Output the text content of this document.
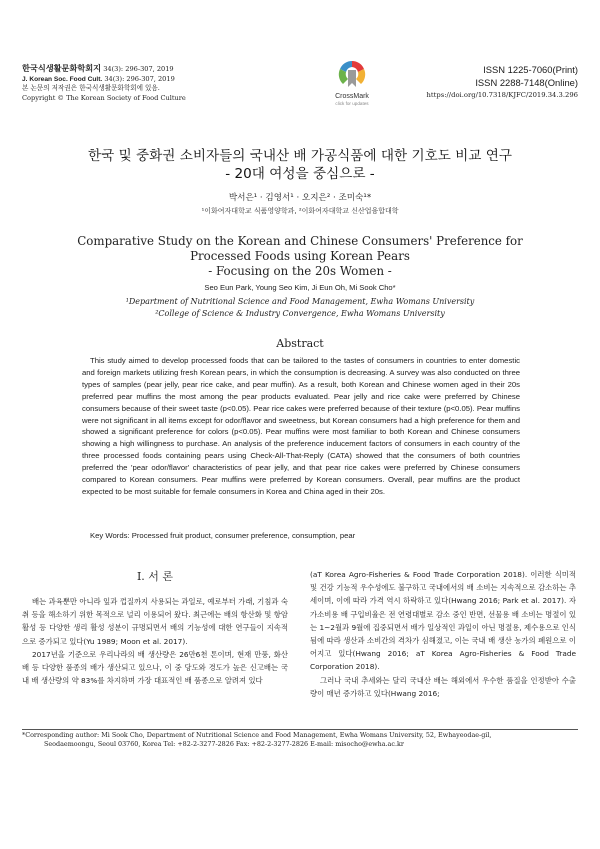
한국식생활문화학회지 34(3): 296-307, 2019
J. Korean Soc. Food Cult. 34(3): 296-307, 2019
본 논문의 저작권은 한국식생활문화학회에 있음.
Copyright © The Korean Society of Food Culture	CrossMark
click for updates
ISSN 1225-7060(Print)
ISSN 2288-7148(Online)
https://doi.org/10.7318/KJFC/2019.34.3.296
한국 및 중화권 소비자들의 국내산 배 가공식품에 대한 기호도 비교 연구
- 20대 여성을 중심으로 -
박서은¹ · 김영서¹ · 오지은² · 조미숙¹*
¹이화여자대학교 식품영양학과, ²이화여자대학교 신산업융합대학
Comparative Study on the Korean and Chinese Consumers' Preference for
Processed Foods using Korean Pears
- Focusing on the 20s Women -
Seo Eun Park, Young Seo Kim, Ji Eun Oh, Mi Sook Cho*
¹Department of Nutritional Science and Food Management, Ewha Womans University
²College of Science & Industry Convergence, Ewha Womans University
Abstract
This study aimed to develop processed foods that can be tailored to the tastes of consumers in countries to enter domestic and foreign markets utilizing fresh Korean pears, in which the consumption is decreasing. A survey was also conducted on three types of samples (pear jelly, pear rice cake, and pear muffin). As a result, both Korean and Chinese women aged in their 20s preferred pear muffins the most among the pear products evaluated. Pear jelly and rice cake were preferred by Chinese consumers because of their sweet taste (p<0.05). Pear rice cakes were preferred because of their texture (p<0.05). Pear muffins were not significant in all items except for odor/flavor and sweetness, but Korean consumers had a high preference for them and showed a significant preference for colors (p<0.05). Pear muffins were most familiar to both Korean and Chinese consumers showing a high willingness to purchase. An analysis of the preference inducement factors of consumers in each country of the three processed foods containing pears using Check-All-That-Reply (CATA) showed that the consumers of both countries preferred the 'pear odor/flavor' characteristics of pear jelly, and that pear rice cakes were preferred by Chinese consumers compared to Korean consumers. Pear muffins were preferred by Korean consumers. Overall, pear muffins are the product expected to be most suitable for female consumers in Korea and China aged in their 20s.
Key Words: Processed fruit product, consumer preference, consumption, pear
I. 서 론

배는 과육뿐만 아니라 잎과 껍질까지 사용되는 과일로, 예로부터 가래, 기침과 숙취 등을 해소하기 위한 목적으로 널리 이용되어 왔다. 최근에는 배의 항산화 및 항암활성 등 다양한 생리 활성 성분이 규명되면서 배의 기능성에 대한 연구들이 지속적으로 증가되고 있다(Yu 1989; Moon et al. 2017).

2017년을 기준으로 우리나라의 배 생산량은 26만6천 톤이며, 현재 만풍, 화산배 등 다양한 품종의 배가 생산되고 있으나, 이 중 당도와 경도가 높은 신고배는 국내 배 생산량의 약 83%를 차지하며 가장 대표적인 배 품종으로 알려져 있다

(aT Korea Agro-Fisheries & Food Trade Corporation 2018). 이러한 식미적 및 건강 기능적 우수성에도 불구하고 국내에서의 배 소비는 지속적으로 감소하는 추세이며, 이에 따라 가격 역시 하락하고 있다(Hwang 2016; Park et al. 2017). 자가소비용 배 구입비율은 전 연령대별로 감소 중인 반면, 선물용 배 소비는 명절이 있는 1~2월과 9월에 집중되면서 배가 일상적인 과일이 아닌 명절용, 제수용으로 인식됨에 따라 생산과 소비간의 격차가 심해졌고, 이는 국내 배 생산 농가의 폐원으로 이어지고 있다(Hwang 2016; aT Korea Agro-Fisheries & Food Trade Corporation 2018).

그러나 국내 추세와는 달리 국내산 배는 해외에서 우수한 품질을 인정받아 수출량이 매년 증가하고 있다(Hwang 2016;

*Corresponding author: Mi Sook Cho, Department of Nutritional Science and Food Management, Ewha Womans University, 52, Ewhayeodae-gil,
Seodaemoongu, Seoul 03760, Korea Tel: +82-2-3277-2826 Fax: +82-2-3277-2826 E-mail: misocho@ewha.ac.kr
